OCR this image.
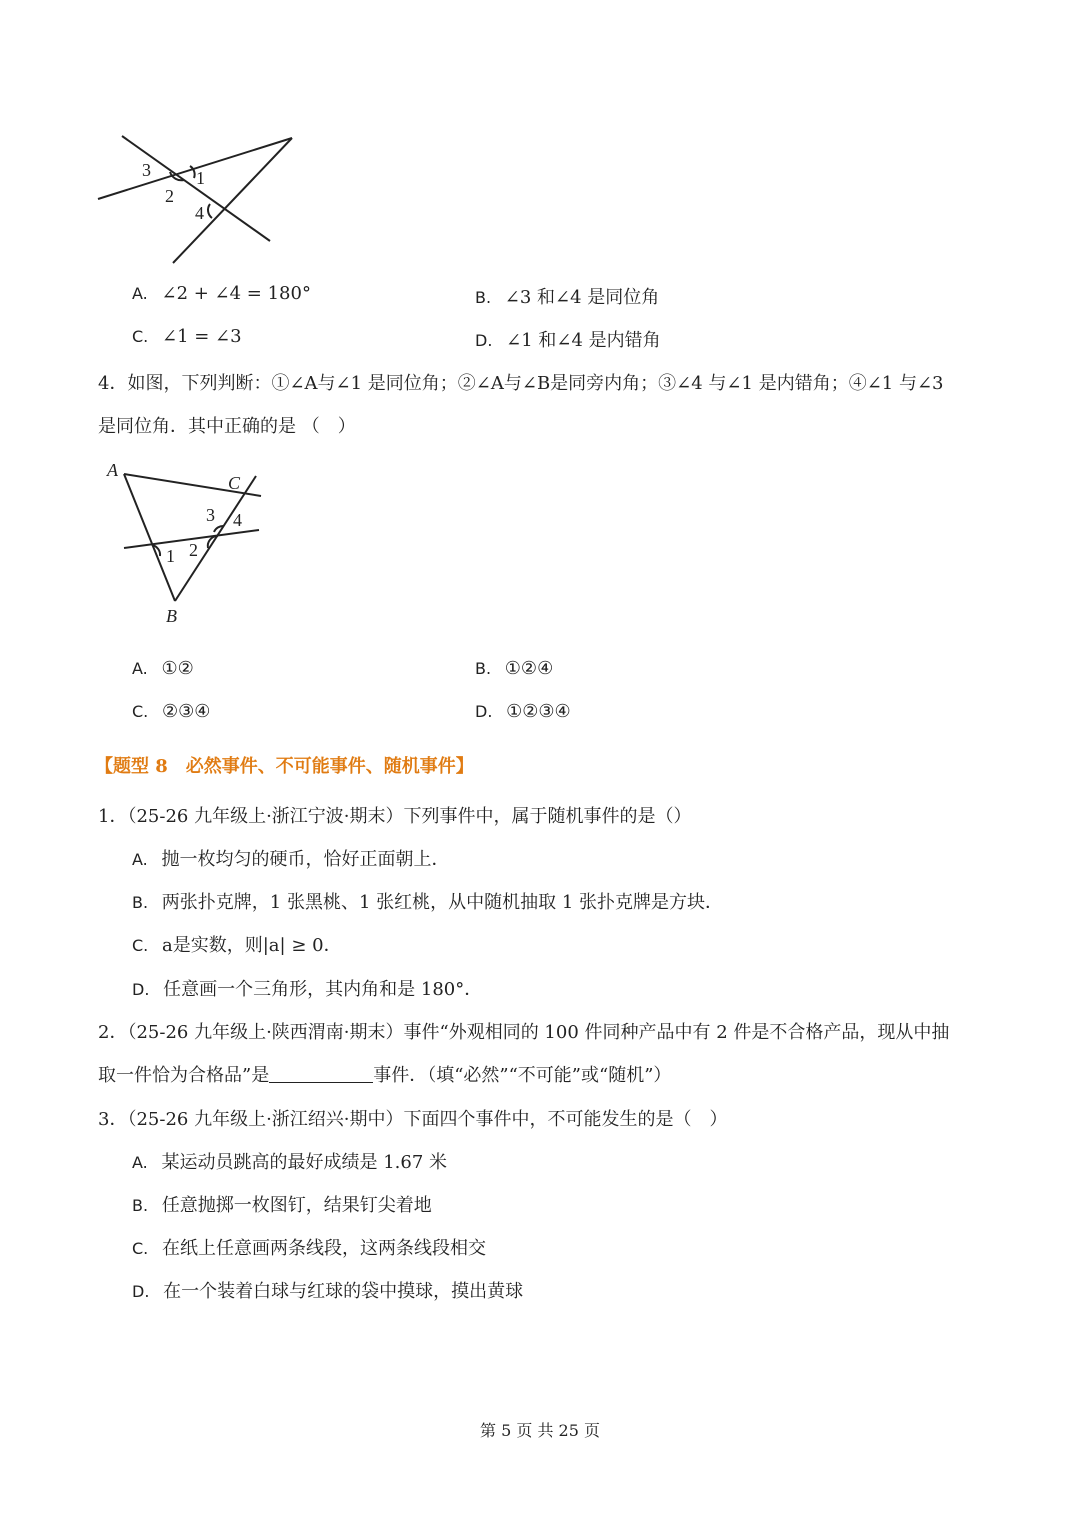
3	1
2
4
A. ∠2 + ∠4 = 180°	B. ∠3 和∠4 是同位角
C. ∠1 = ∠3	D. ∠1 和∠4 是内错角
4．如图，下列判断：①∠A与∠1 是同位角；②∠A与∠B是同旁内角；③∠4 与∠1 是内错角；④∠1 与∠3
是同位角．其中正确的是 （　）
A
C
3 4
1 2
B
A. ①②	B. ①②④
C. ②③④	D. ①②③④
【题型 8　必然事件、不可能事件、随机事件】
1．（25-26 九年级上·浙江宁波·期末）下列事件中，属于随机事件的是（）
A. 抛一枚均匀的硬币，恰好正面朝上．
B. 两张扑克牌，1 张黑桃、1 张红桃，从中随机抽取 1 张扑克牌是方块．
C. a是实数，则|a| ≥ 0．
D. 任意画一个三角形，其内角和是 180°．
2．（25-26 九年级上·陕西渭南·期末）事件“外观相同的 100 件同种产品中有 2 件是不合格产品，现从中抽
取一件恰为合格品”是	事件．（填“必然”“不可能”或“随机”）
3．（25-26 九年级上·浙江绍兴·期中）下面四个事件中，不可能发生的是（　）
A. 某运动员跳高的最好成绩是 1.67 米
B. 任意抛掷一枚图钉，结果钉尖着地
C. 在纸上任意画两条线段，这两条线段相交
D. 在一个装着白球与红球的袋中摸球，摸出黄球
第 5 页 共 25 页
